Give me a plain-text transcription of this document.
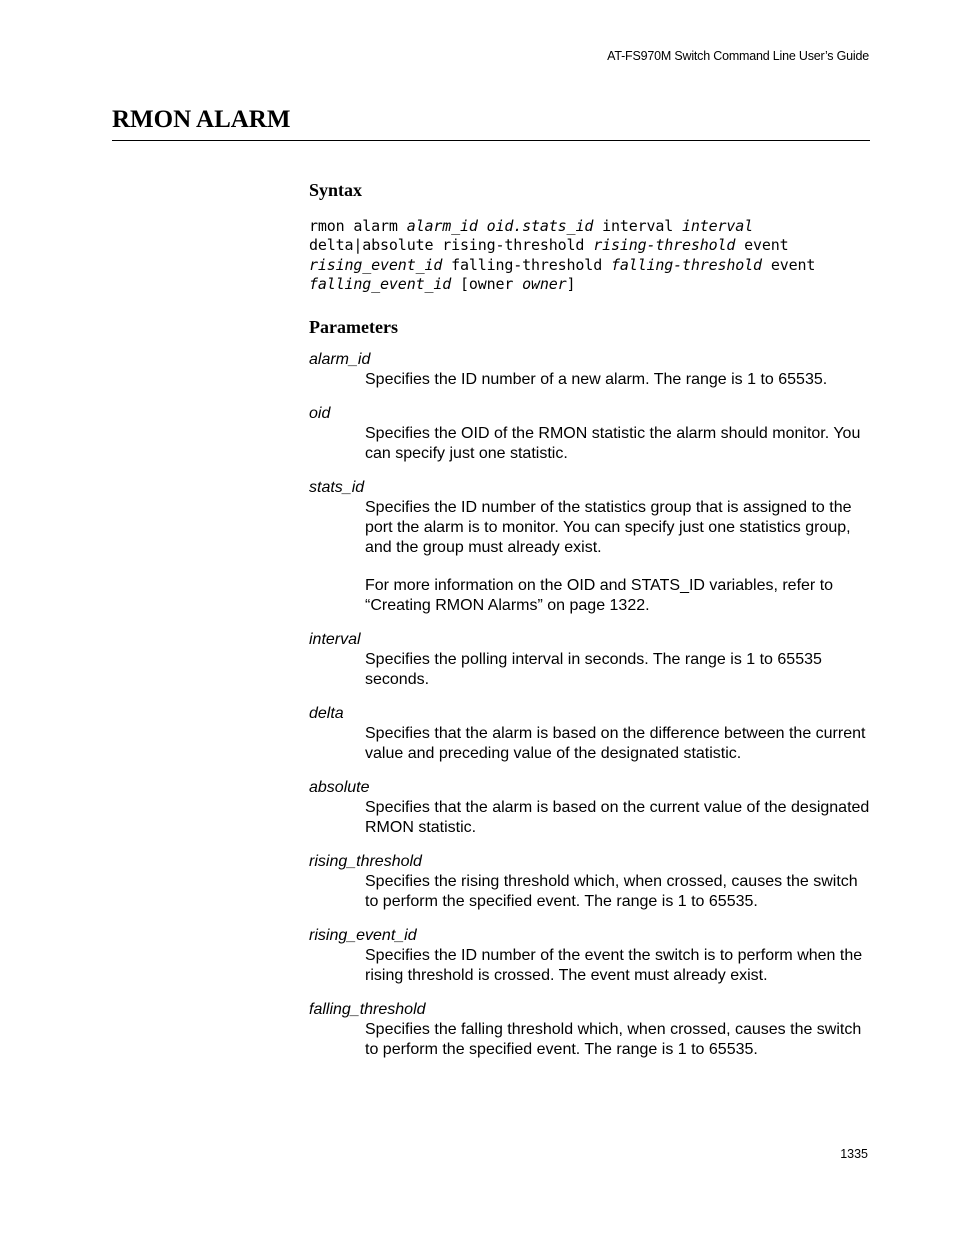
AT-FS970M Switch Command Line User’s Guide
RMON ALARM
Syntax
rmon alarm alarm_id oid.stats_id interval interval
delta|absolute rising-threshold rising-threshold event
rising_event_id falling-threshold falling-threshold event
falling_event_id [owner owner]
Parameters
alarm_id
Specifies the ID number of a new alarm. The range is 1 to 65535.
oid
Specifies the OID of the RMON statistic the alarm should monitor. You can specify just one statistic.
stats_id
Specifies the ID number of the statistics group that is assigned to the port the alarm is to monitor. You can specify just one statistics group, and the group must already exist.
For more information on the OID and STATS_ID variables, refer to “Creating RMON Alarms” on page 1322.
interval
Specifies the polling interval in seconds. The range is 1 to 65535 seconds.
delta
Specifies that the alarm is based on the difference between the current value and preceding value of the designated statistic.
absolute
Specifies that the alarm is based on the current value of the designated RMON statistic.
rising_threshold
Specifies the rising threshold which, when crossed, causes the switch to perform the specified event. The range is 1 to 65535.
rising_event_id
Specifies the ID number of the event the switch is to perform when the rising threshold is crossed. The event must already exist.
falling_threshold
Specifies the falling threshold which, when crossed, causes the switch to perform the specified event. The range is 1 to 65535.
1335
